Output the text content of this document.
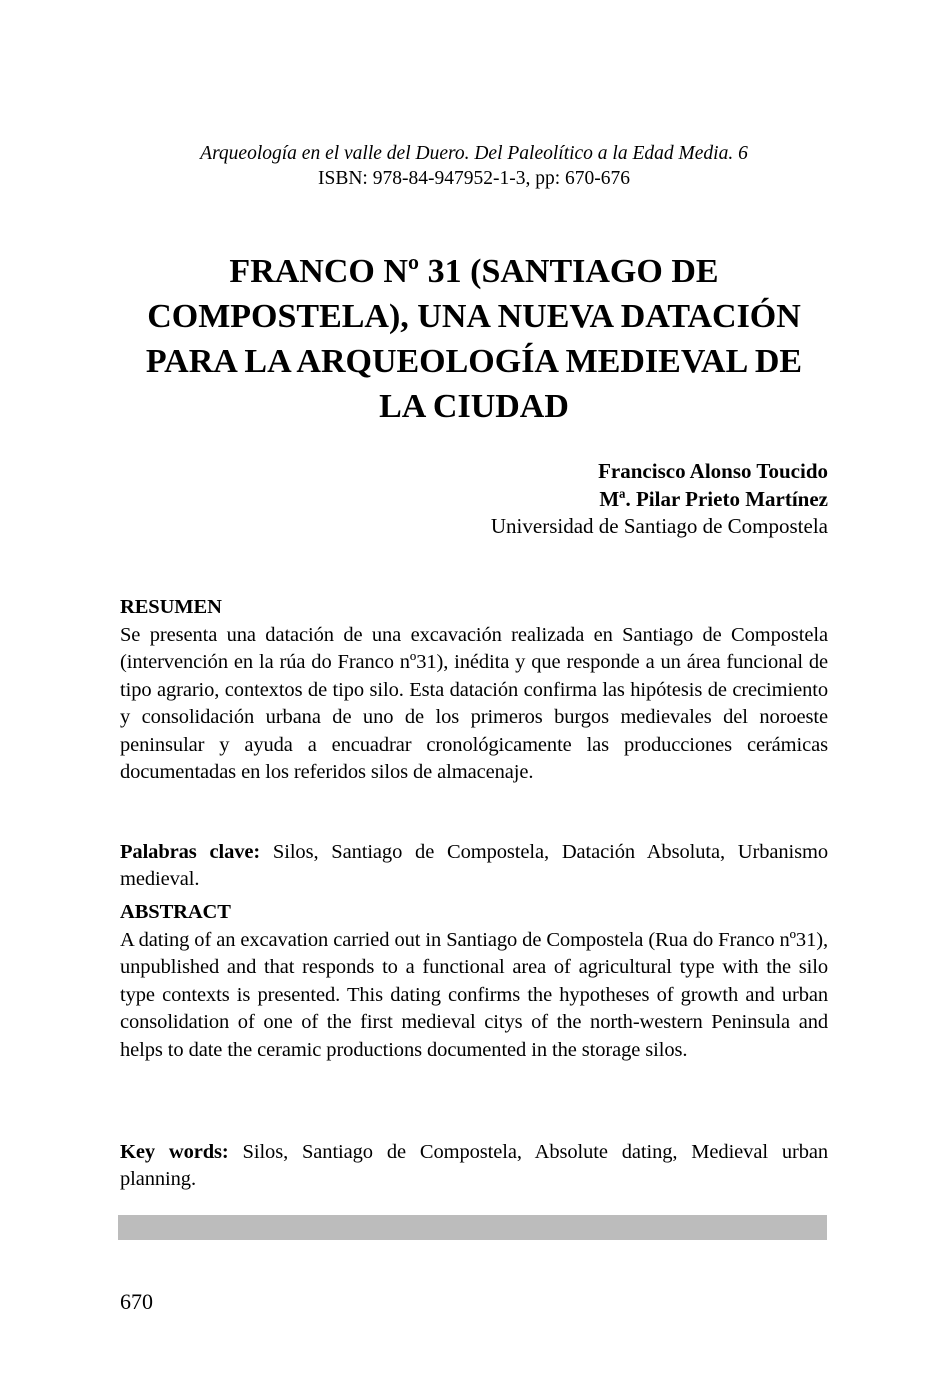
Arqueología en el valle del Duero. Del Paleolítico a la Edad Media. 6
ISBN: 978-84-947952-1-3, pp: 670-676
FRANCO Nº 31 (SANTIAGO DE
COMPOSTELA), UNA NUEVA DATACIÓN
PARA LA ARQUEOLOGÍA MEDIEVAL DE
LA CIUDAD
Francisco Alonso Toucido
Mª. Pilar Prieto Martínez
Universidad de Santiago de Compostela
RESUMEN

Se presenta una datación de una excavación realizada en Santiago de Compostela (intervención en la rúa do Franco nº31), inédita y que responde a un área funcional de tipo agrario, contextos de tipo silo. Esta datación confirma las hipótesis de crecimiento y consolidación urbana de uno de los primeros burgos medievales del noroeste peninsular y ayuda a encuadrar cronológicamente las producciones cerámicas documentadas en los referidos silos de almacenaje.

Palabras clave: Silos, Santiago de Compostela, Datación Absoluta, Urbanismo medieval.

ABSTRACT

A dating of an excavation carried out in Santiago de Compostela (Rua do Franco nº31), unpublished and that responds to a functional area of agricultural type with the silo type contexts is presented. This dating confirms the hypotheses of growth and urban consolidation of one of the first medieval citys of the north-western Peninsula and helps to date the ceramic productions documented in the storage silos.

Key words: Silos, Santiago de Compostela, Absolute dating, Medieval urban planning.

670
